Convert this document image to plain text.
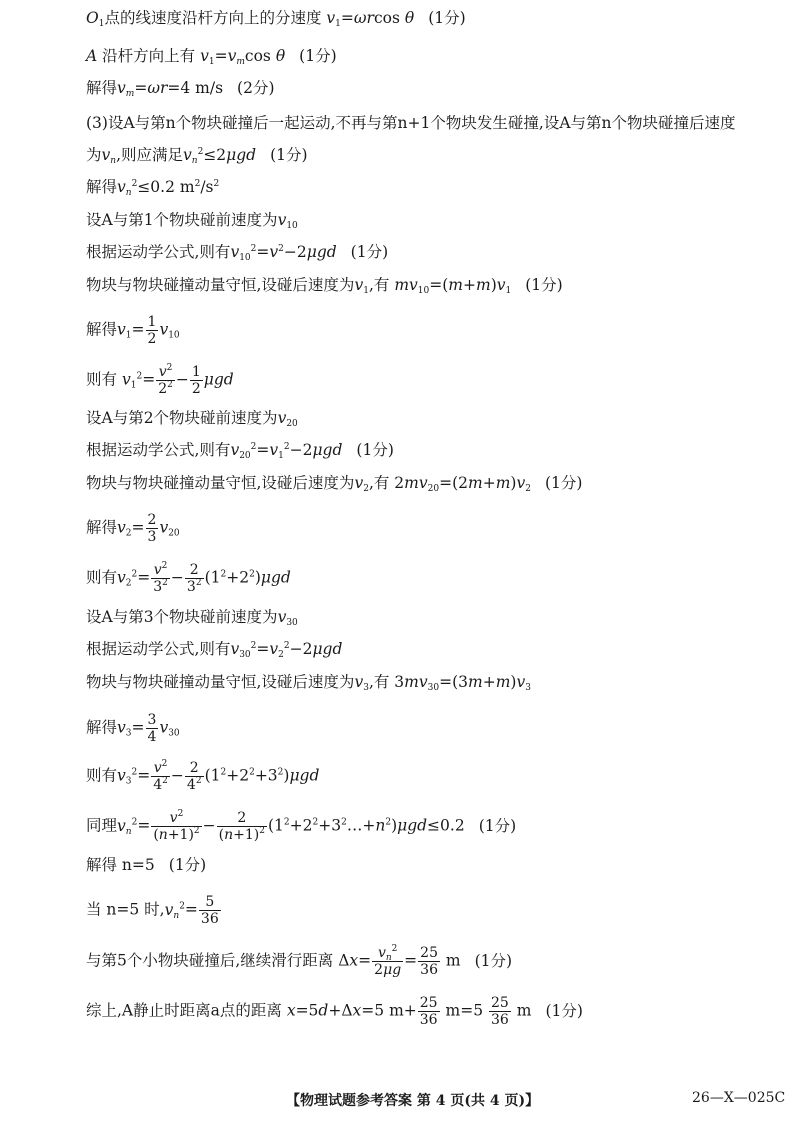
$O_1$点的线速度沿杆方向上的分速度 $v_1=\omega rcos$ θ (1分)
A 沿杆方向上有 $v_1=v_m\cos$ θ (1分)
解得$v_m=\omega r=4$ m/s (2分)
(3)设A与第n个物块碰撞后一起运动,不再与第n+1个物块发生碰撞,设A与第n个物块碰撞后速度
为$v_n$,则应满足$v_n^2\le 2\mu gd$ (1分)
解得$v_n^2\le 0.2$ $m^2/s^2$
设A与第1个物块碰前速度为$v_{10}$
根据运动学公式,则有$v_{10}^2=v^2-2\mu gd$ (1分)
物块与物块碰撞动量守恒,设碰后速度为$v_1$,有 $mv_{10}=(m+m)v_1$ (1分)
解得$v_1= \frac{1}{2} v_{10}$
则有 $v_1^2= \frac{v^2}{2^2} - \frac{1}{2}$ μgd
设A与第2个物块碰前速度为$v_{20}$
根据运动学公式,则有$v_{20}^2=v_1^2-2\mu gd$ (1分)
物块与物块碰撞动量守恒,设碰后速度为$v_2$,有 $2mv_{20}=(2m+m)v_2$ (1分)
解得$v_2= \frac{2}{3} v_{20}$
则有$v_2^2= \frac{v^2}{3^2} - \frac{2}{3^2} (1^2+2^2)\mu gd$
设A与第3个物块碰前速度为$v_{30}$
根据运动学公式,则有$v_{30}^2=v_2^2-2\mu gd$
物块与物块碰撞动量守恒,设碰后速度为$v_3$,有 $3mv_{30}=(3m+m)v_3$
解得$v_3= \frac{3}{4} v_{30}$
则有$v_3^2= \frac{v^2}{4^2} - \frac{2}{4^2} (1^2+2^2+3^2)\mu gd$
同理$v_n^2= \frac{v^2}{(n+1)^2} - \frac{2}{(n+1)^2}$ $(1^2+2^2+3^2\dots+n^2)\mu gd\le 0.2$ (1分)
解得 n=5 (1分)
当 n=5 时$,v_n^2= \frac{5}{36}$
与第5个小物块碰撞后,继续滑行距离 $\Delta x= \frac{v_n^2}{2\mu g} = \frac{25}{36}$ m (1分)
综上,A静止时距离a点的距离 x=5d+Δx=5 $m+ \frac{25}{36} m=5 \frac{25}{36}$ m (1分)
【物理试题参考答案 第 4 页(共 4 页)】	26—X—025C
